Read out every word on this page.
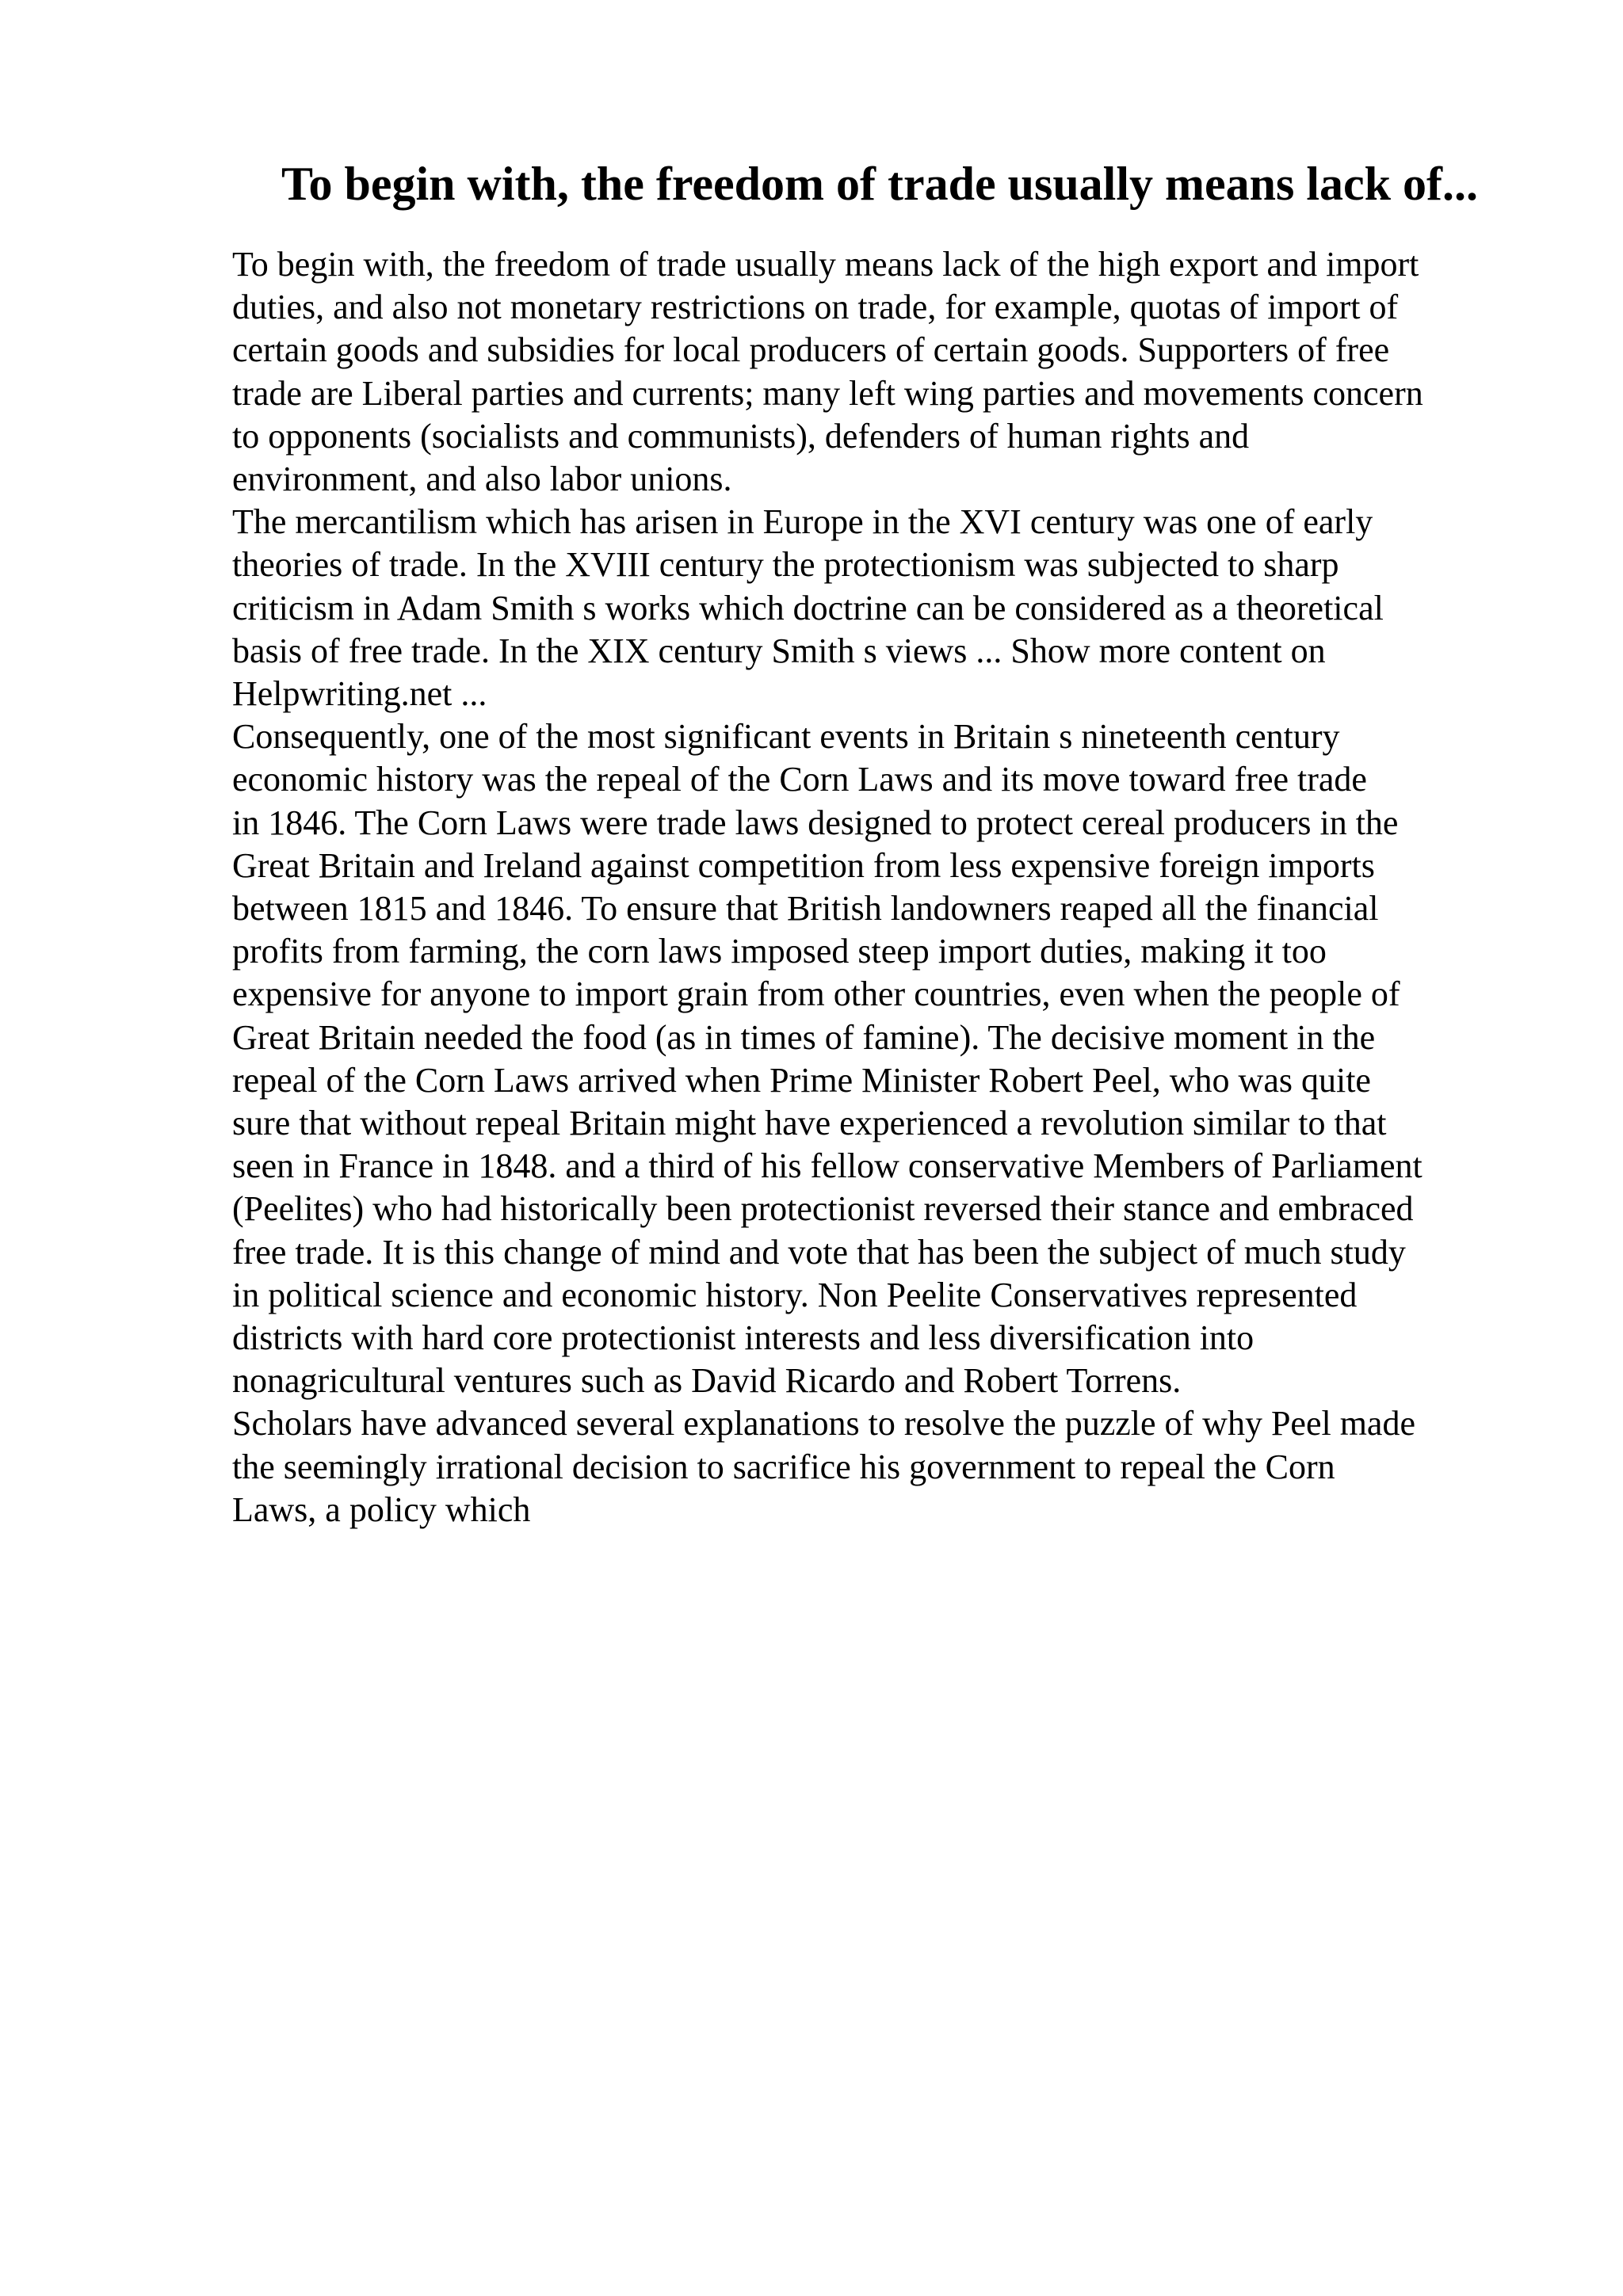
To begin with, the freedom of trade usually means lack of...

To begin with, the freedom of trade usually means lack of the high export and import
duties, and also not monetary restrictions on trade, for example, quotas of import of
certain goods and subsidies for local producers of certain goods. Supporters of free
trade are Liberal parties and currents; many left wing parties and movements concern
to opponents (socialists and communists), defenders of human rights and
environment, and also labor unions.

The mercantilism which has arisen in Europe in the XVI century was one of early
theories of trade. In the XVIII century the protectionism was subjected to sharp
criticism in Adam Smith s works which doctrine can be considered as a theoretical
basis of free trade. In the XIX century Smith s views ... Show more content on
Helpwriting.net ...

Consequently, one of the most significant events in Britain s nineteenth century
economic history was the repeal of the Corn Laws and its move toward free trade
in 1846. The Corn Laws were trade laws designed to protect cereal producers in the
Great Britain and Ireland against competition from less expensive foreign imports
between 1815 and 1846. To ensure that British landowners reaped all the financial
profits from farming, the corn laws imposed steep import duties, making it too
expensive for anyone to import grain from other countries, even when the people of
Great Britain needed the food (as in times of famine). The decisive moment in the
repeal of the Corn Laws arrived when Prime Minister Robert Peel, who was quite
sure that without repeal Britain might have experienced a revolution similar to that
seen in France in 1848. and a third of his fellow conservative Members of Parliament
(Peelites) who had historically been protectionist reversed their stance and embraced
free trade. It is this change of mind and vote that has been the subject of much study
in political science and economic history. Non Peelite Conservatives represented
districts with hard core protectionist interests and less diversification into
nonagricultural ventures such as David Ricardo and Robert Torrens.

Scholars have advanced several explanations to resolve the puzzle of why Peel made
the seemingly irrational decision to sacrifice his government to repeal the Corn
Laws, a policy which
